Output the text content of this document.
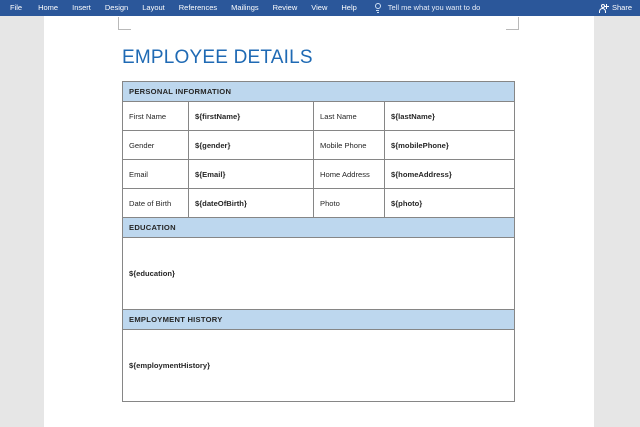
File	Home	Insert	Design	Layout	References	Mailings	Review	View	Help	Tell me what you want to do	Share
EMPLOYEE DETAILS
PERSONAL INFORMATION			
First Name	${firstName}	Last Name	${lastName}
Gender	${gender}	Mobile Phone	${mobilePhone}
Email	${Email}	Home Address	${homeAddress}
Date of Birth	${dateOfBirth}	Photo	${photo}
EDUCATION			
${education}			
EMPLOYMENT HISTORY			
${employmentHistory}			
